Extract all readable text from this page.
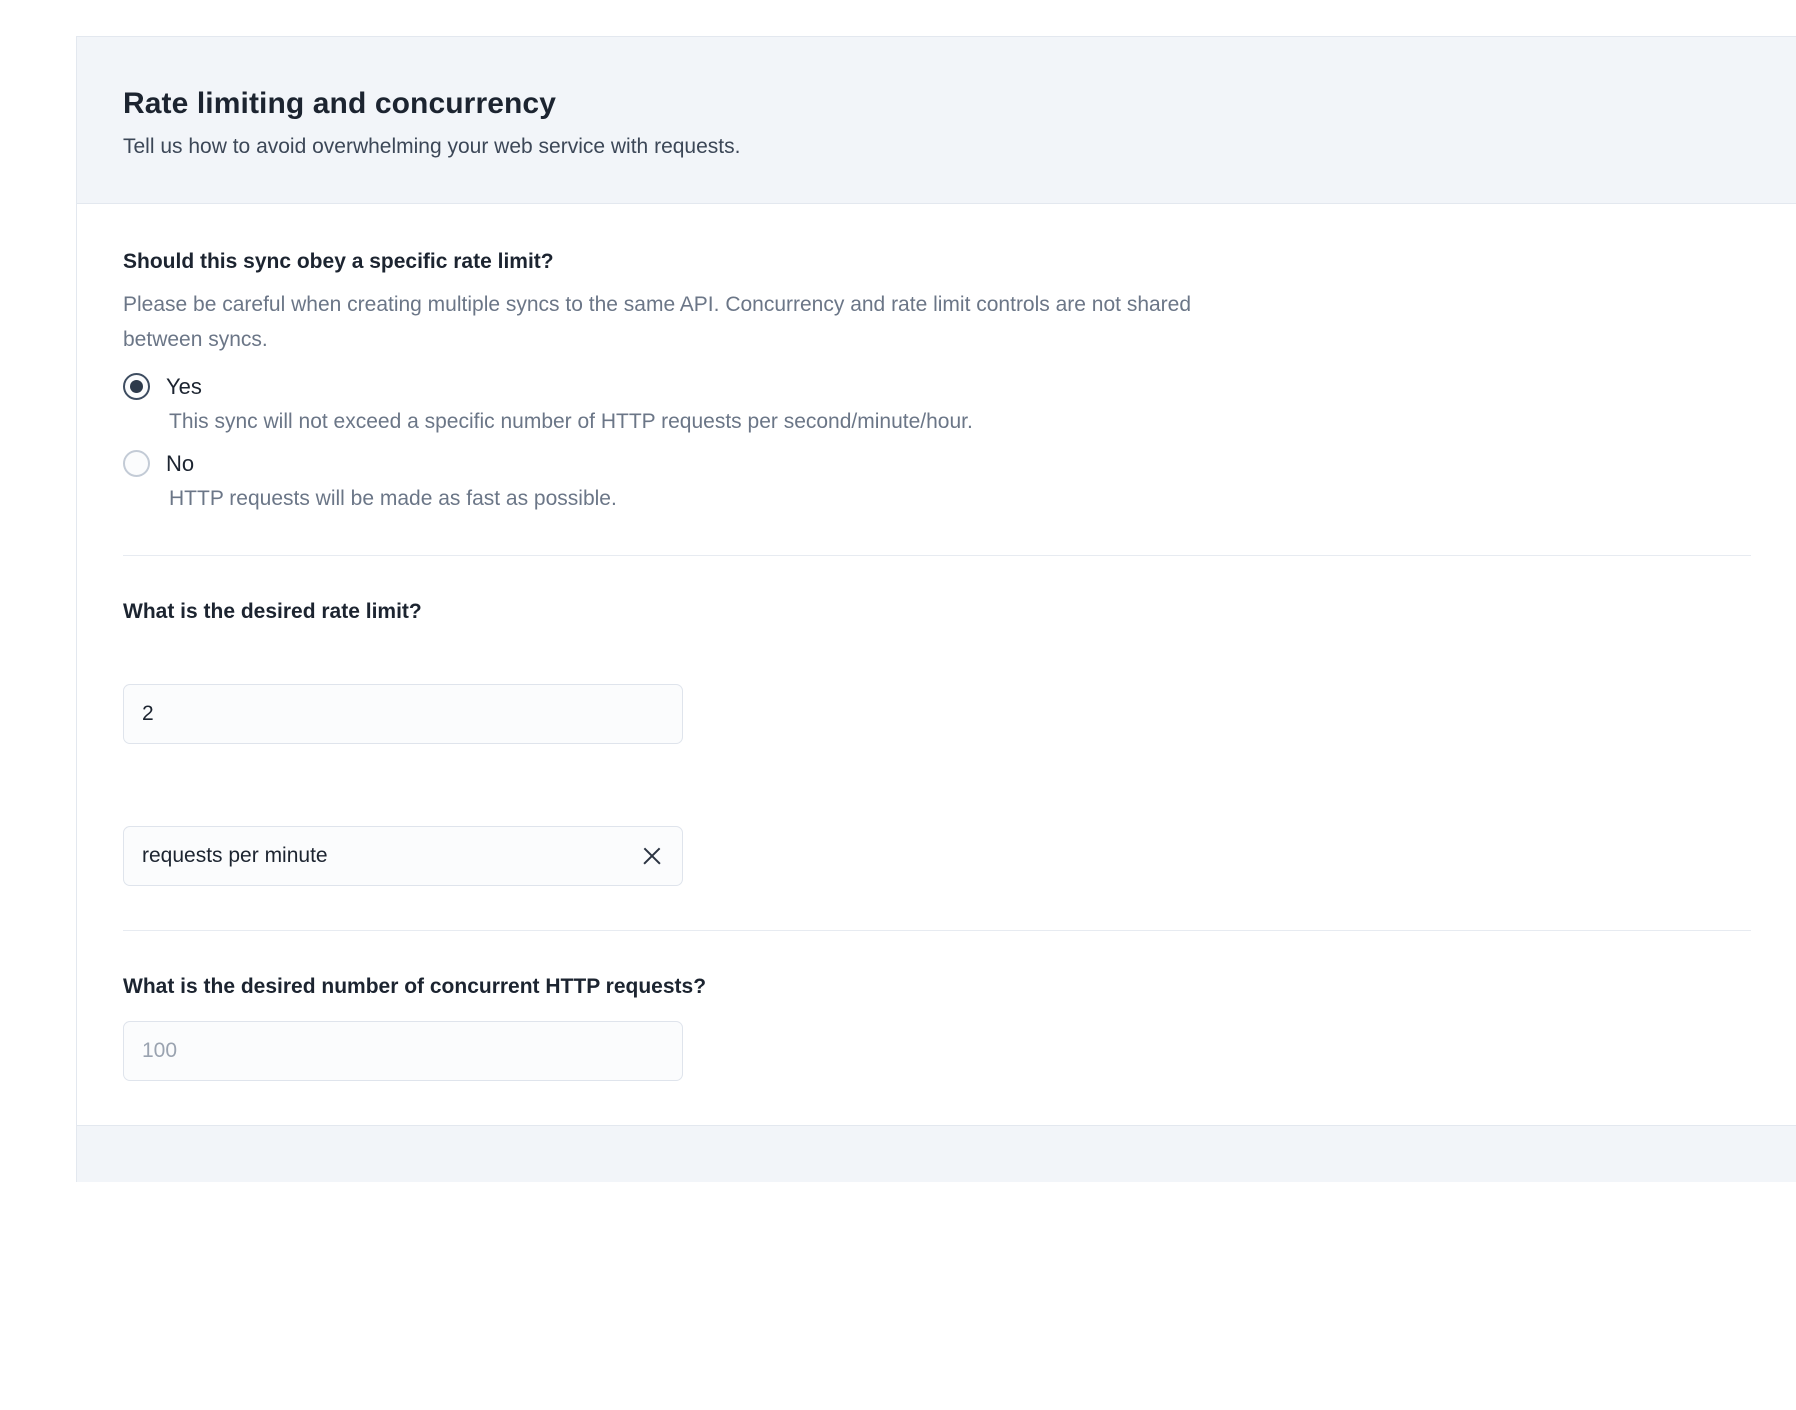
Rate limiting and concurrency

Tell us how to avoid overwhelming your web service with requests.

Should this sync obey a specific rate limit?
Please be careful when creating multiple syncs to the same API. Concurrency and rate limit controls are not shared between syncs.
Yes
This sync will not exceed a specific number of HTTP requests per second/minute/hour.
No
HTTP requests will be made as fast as possible.
What is the desired rate limit?
2
requests per minute
What is the desired number of concurrent HTTP requests?
100
